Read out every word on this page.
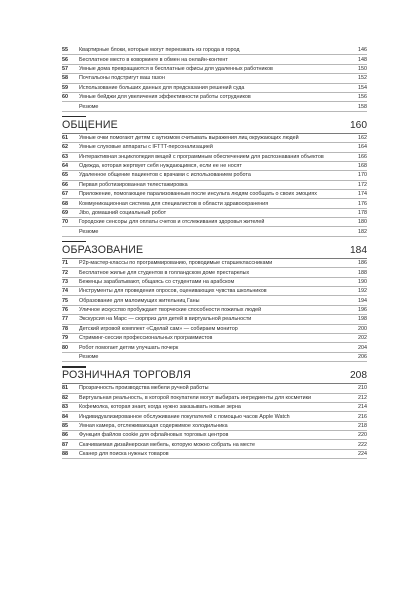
55	Квартирные блоки, которые могут переезжать из города в город	146
56	Бесплатное место в коворкинге в обмен на онлайн-контент	148
57	Умные дома превращаются в бесплатные офисы для удаленных работников	150
58	Почтальоны подстригут ваш газон	152
59	Использование больших данных для предсказания решений суда	154
60	Умные бейджи для увеличения эффективности работы сотрудников	156
Резюме	158
ОБЩЕНИЕ	160
61	Умные очки помогают детям с аутизмом считывать выражения лиц окружающих людей	162
62	Умные слуховые аппараты с IFTTT-персонализацией	164
63	Интерактивная энциклопедия вещей с программным обеспечением для распознавания объектов	166
64	Одежда, которая жертвует себя нуждающимся, если ее не носят	168
65	Удаленное общение пациентов с врачами с использованием робота	170
66	Первая роботизированная телестажировка	172
67	Приложение, помогающее парализованным после инсульта людям сообщать о своих эмоциях	174
68	Коммуникационная система для специалистов в области здравоохранения	176
69	Jibo, домашний социальный робот	178
70	Городские сенсоры для оплаты счетов и отслеживания здоровья жителей	180
Резюме	182
ОБРАЗОВАНИЕ	184
71	P2p-мастер-классы по программированию, проводимые старшеклассниками	186
72	Бесплатное жилье для студентов в голландском доме престарелых	188
73	Беженцы зарабатывают, общаясь со студентами на арабском	190
74	Инструменты для проведения опросов, оценивающих чувства школьников	192
75	Образование для малоимущих жительниц Ганы	194
76	Уличное искусство пробуждает творческие способности пожилых людей	196
77	Экскурсия на Марс — сюрприз для детей в виртуальной реальности	198
78	Детский игровой комплект «Сделай сам» — собираем монитор	200
79	Стриминг-сессии профессиональных программистов	202
80	Робот помогает детям улучшать почерк	204
Резюме	206
РОЗНИЧНАЯ ТОРГОВЛЯ	208
81	Прозрачность производства мебели ручной работы	210
82	Виртуальная реальность, в которой покупатели могут выбирать ингредиенты для косметики	212
83	Кофемолка, которая знает, когда нужно заказывать новые зерна	214
84	Индивидуализированное обслуживание покупателей с помощью часов Apple Watch	216
85	Умная камера, отслеживающая содержимое холодильника	218
86	Функция файлов cookie для офлайновых торговых центров	220
87	Скачиваемая дизайнерская мебель, которую можно собрать на месте	222
88	Сканер для поиска нужных товаров	224
